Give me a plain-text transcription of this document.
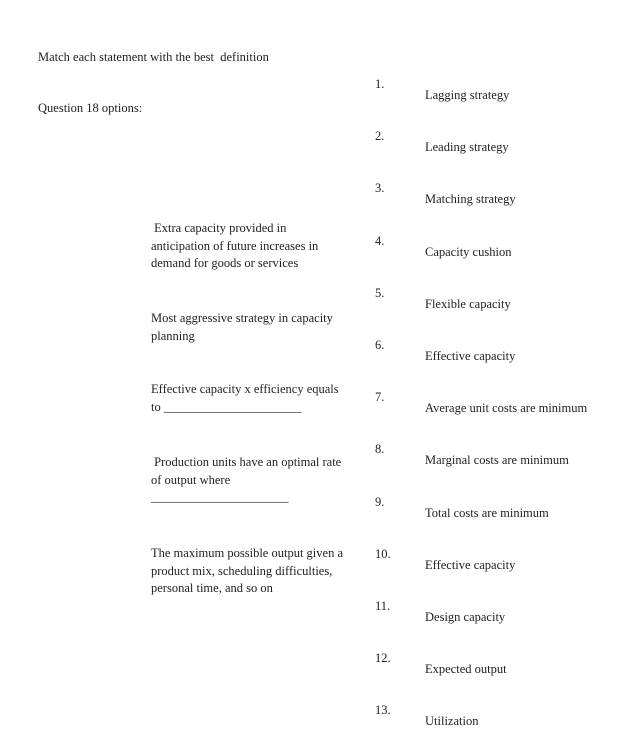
Match each statement with the best  definition

Question 18 options:

Extra capacity provided in
anticipation of future increases in
demand for goods or services
Most aggressive strategy in capacity
planning
Effective capacity x efficiency equals
to ______________________
Production units have an optimal rate
of output where
______________________
The maximum possible output given a
product mix, scheduling difficulties,
personal time, and so on
1.
Lagging strategy
2.
Leading strategy
3.
Matching strategy
4.
Capacity cushion
5.
Flexible capacity
6.
Effective capacity
7.
Average unit costs are minimum
8.
Marginal costs are minimum
9.
Total costs are minimum
10.
Effective capacity
11.
Design capacity
12.
Expected output
13.
Utilization
